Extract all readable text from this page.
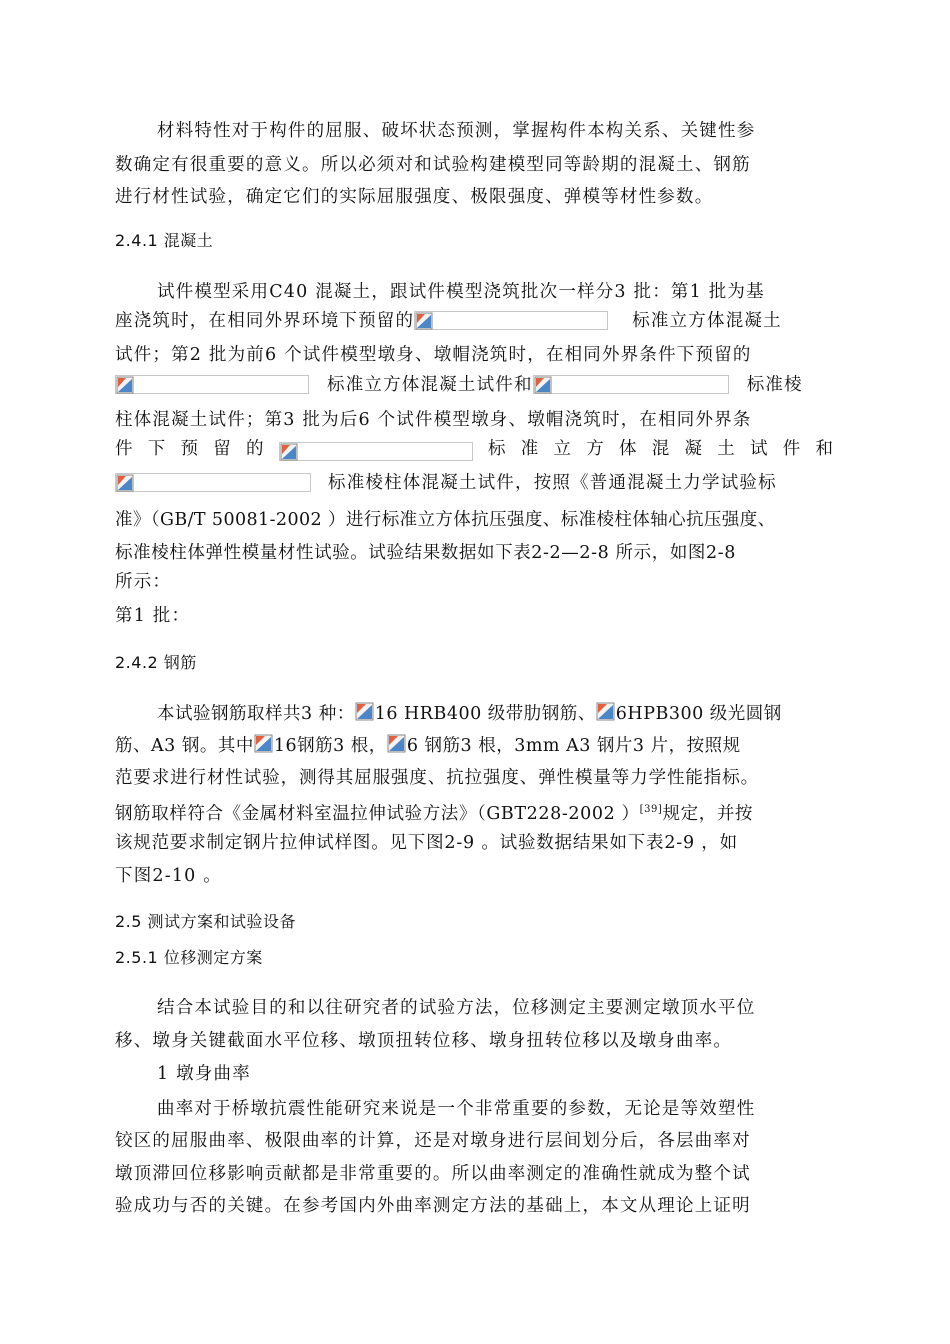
材料特性对于构件的屈服、破坏状态预测，掌握构件本构关系、关键性参
数确定有很重要的意义。所以必须对和试验构建模型同等龄期的混凝土、钢筋
进行材性试验，确定它们的实际屈服强度、极限强度、弹模等材性参数。
2.4.1 混凝土
试件模型采用C40 混凝土，跟试件模型浇筑批次一样分3 批：第1 批为基
座浇筑时，在相同外界环境下预留的	标准立方体混凝土
试件；第2 批为前6 个试件模型墩身、墩帽浇筑时，在相同外界条件下预留的
标准立方体混凝土试件和	标准棱
柱体混凝土试件；第3 批为后6 个试件模型墩身、墩帽浇筑时，在相同外界条
件 下 预 留 的	标 准 立 方 体 混 凝 土 试 件 和
标准棱柱体混凝土试件，按照《普通混凝土力学试验标
准》（GB/T 50081-2002 ）进行标准立方体抗压强度、标准棱柱体轴心抗压强度、
标准棱柱体弹性模量材性试验。试验结果数据如下表2-2—2-8 所示，如图2-8
所示：
第1 批：
2.4.2 钢筋
本试验钢筋取样共3 种： 16 HRB400 级带肋钢筋、 6HPB300 级光圆钢
筋、A3 钢。其中 16钢筋3 根， 6 钢筋3 根，3mm A3 钢片3 片，按照规
范要求进行材性试验，测得其屈服强度、抗拉强度、弹性模量等力学性能指标。
钢筋取样符合《金属材料室温拉伸试验方法》（GBT228-2002 ）[39]规定，并按
该规范要求制定钢片拉伸试样图。见下图2-9 。试验数据结果如下表2-9 ，如
下图2-10 。
2.5 测试方案和试验设备
2.5.1 位移测定方案
结合本试验目的和以往研究者的试验方法，位移测定主要测定墩顶水平位
移、墩身关键截面水平位移、墩顶扭转位移、墩身扭转位移以及墩身曲率。
1 墩身曲率
曲率对于桥墩抗震性能研究来说是一个非常重要的参数，无论是等效塑性
铰区的屈服曲率、极限曲率的计算，还是对墩身进行层间划分后，各层曲率对
墩顶滞回位移影响贡献都是非常重要的。所以曲率测定的准确性就成为整个试
验成功与否的关键。在参考国内外曲率测定方法的基础上，本文从理论上证明
